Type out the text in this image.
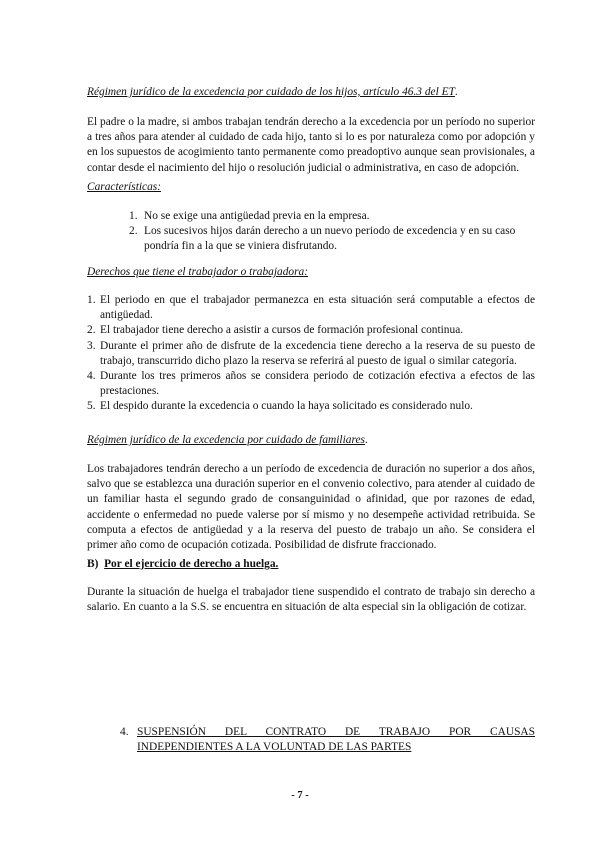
Régimen jurídico de la excedencia por cuidado de los hijos, artículo 46.3 del ET.

El padre o la madre, si ambos trabajan tendrán derecho a la excedencia por un período no superior a tres años para atender al cuidado de cada hijo, tanto si lo es por naturaleza como por adopción y en los supuestos de acogimiento tanto permanente como preadoptivo aunque sean provisionales, a contar desde el nacimiento del hijo o resolución judicial o administrativa, en caso de adopción.

Características:
1. No se exige una antigüedad previa en la empresa.
2. Los sucesivos hijos darán derecho a un nuevo periodo de excedencia y en su caso pondría fin a la que se viniera disfrutando.
Derechos que tiene el trabajador o trabajadora:
1. El periodo en que el trabajador permanezca en esta situación será computable a efectos de antigüedad.
2. El trabajador tiene derecho a asistir a cursos de formación profesional continua.
3. Durante el primer año de disfrute de la excedencia tiene derecho a la reserva de su puesto de trabajo, transcurrido dicho plazo la reserva se referirá al puesto de igual o similar categoría.
4. Durante los tres primeros años se considera periodo de cotización efectiva a efectos de las prestaciones.
5. El despido durante la excedencia o cuando la haya solicitado es considerado nulo.
Régimen jurídico de la excedencia por cuidado de familiares.

Los trabajadores tendrán derecho a un período de excedencia de duración no superior a dos años, salvo que se establezca una duración superior en el convenio colectivo, para atender al cuidado de un familiar hasta el segundo grado de consanguinidad o afinidad, que por razones de edad, accidente o enfermedad no puede valerse por sí mismo y no desempeñe actividad retribuida. Se computa a efectos de antigüedad y a la reserva del puesto de trabajo un año. Se considera el primer año como de ocupación cotizada. Posibilidad de disfrute fraccionado.

B) Por el ejercicio de derecho a huelga.

Durante la situación de huelga el trabajador tiene suspendido el contrato de trabajo sin derecho a salario. En cuanto a la S.S. se encuentra en situación de alta especial sin la obligación de cotizar.

4. SUSPENSIÓN DEL CONTRATO DE TRABAJO POR CAUSAS
INDEPENDIENTES A LA VOLUNTAD DE LAS PARTES
- 7 -
